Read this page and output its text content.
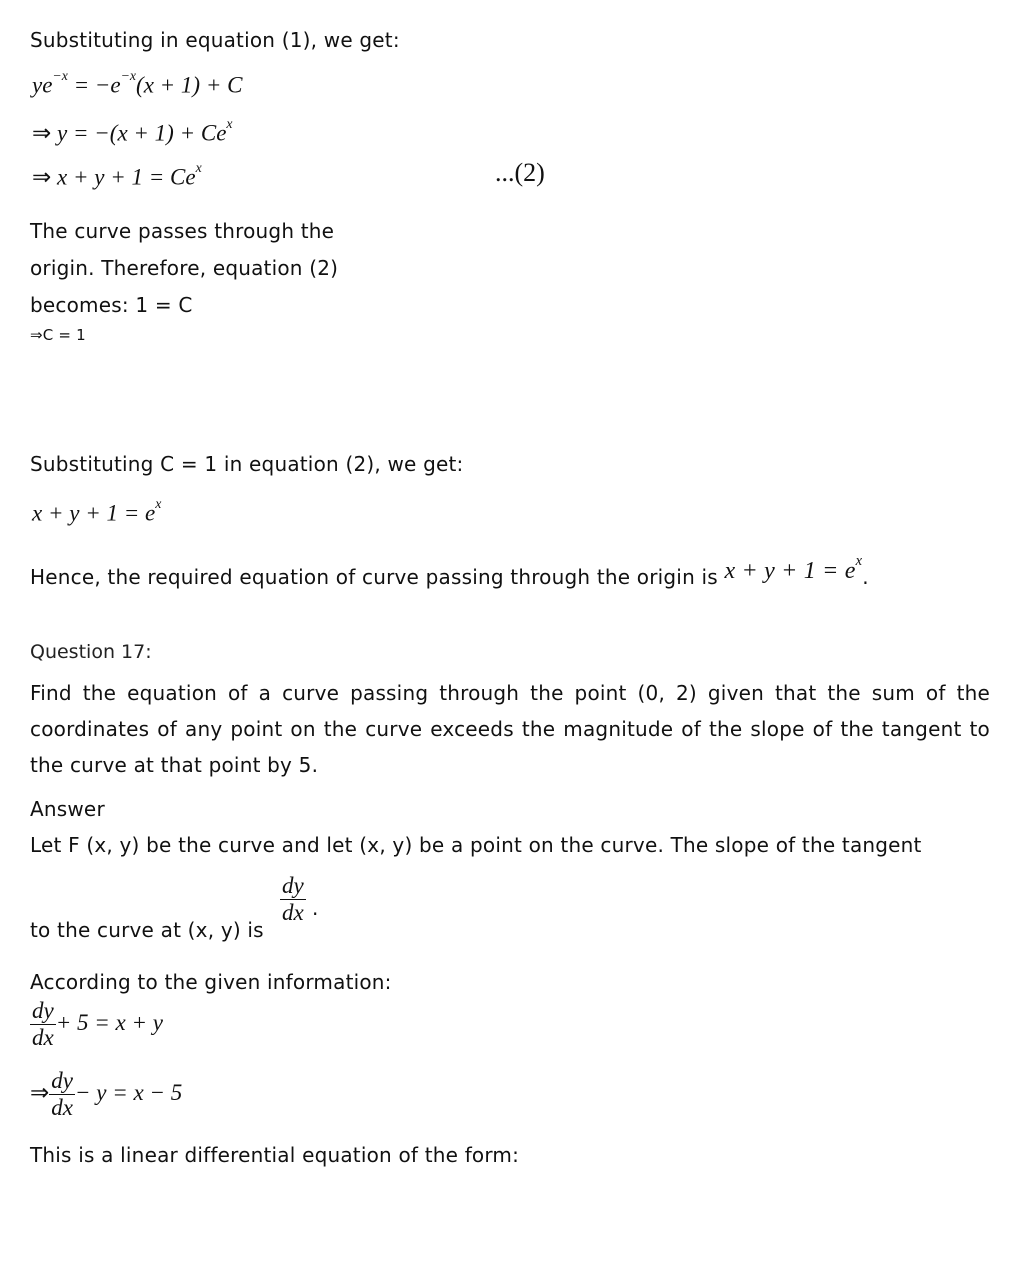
Substituting in equation (1), we get:
$ye^{-x} = -e^{-x}(x + 1) + C$
⇒ $y = -(x + 1) + Ce^x$
⇒ $x + y + 1 = Ce^x$	...(2)
The curve passes through the
origin. Therefore, equation (2)
becomes: 1 = C
⇒C = 1
Substituting C = 1 in equation (2), we get:
$x + y + 1 = e^x$
Hence, the required equation of curve passing through the origin is $x + y + 1 = e^x$.
Question 17:
Find the equation of a curve passing through the point (0, 2) given that the sum of the coordinates of any point on the curve exceeds the magnitude of the slope of the tangent to the curve at that point by 5.
Answer
Let F (x, y) be the curve and let (x, y) be a point on the curve. The slope of the tangent
$\frac{dy}{dx}$ .
to the curve at (x, y) is
According to the given information:
$\frac{dy}{dx} + 5 = x + y$
⇒ $\frac{dy}{dx} - y = x - 5$
This is a linear differential equation of the form:
